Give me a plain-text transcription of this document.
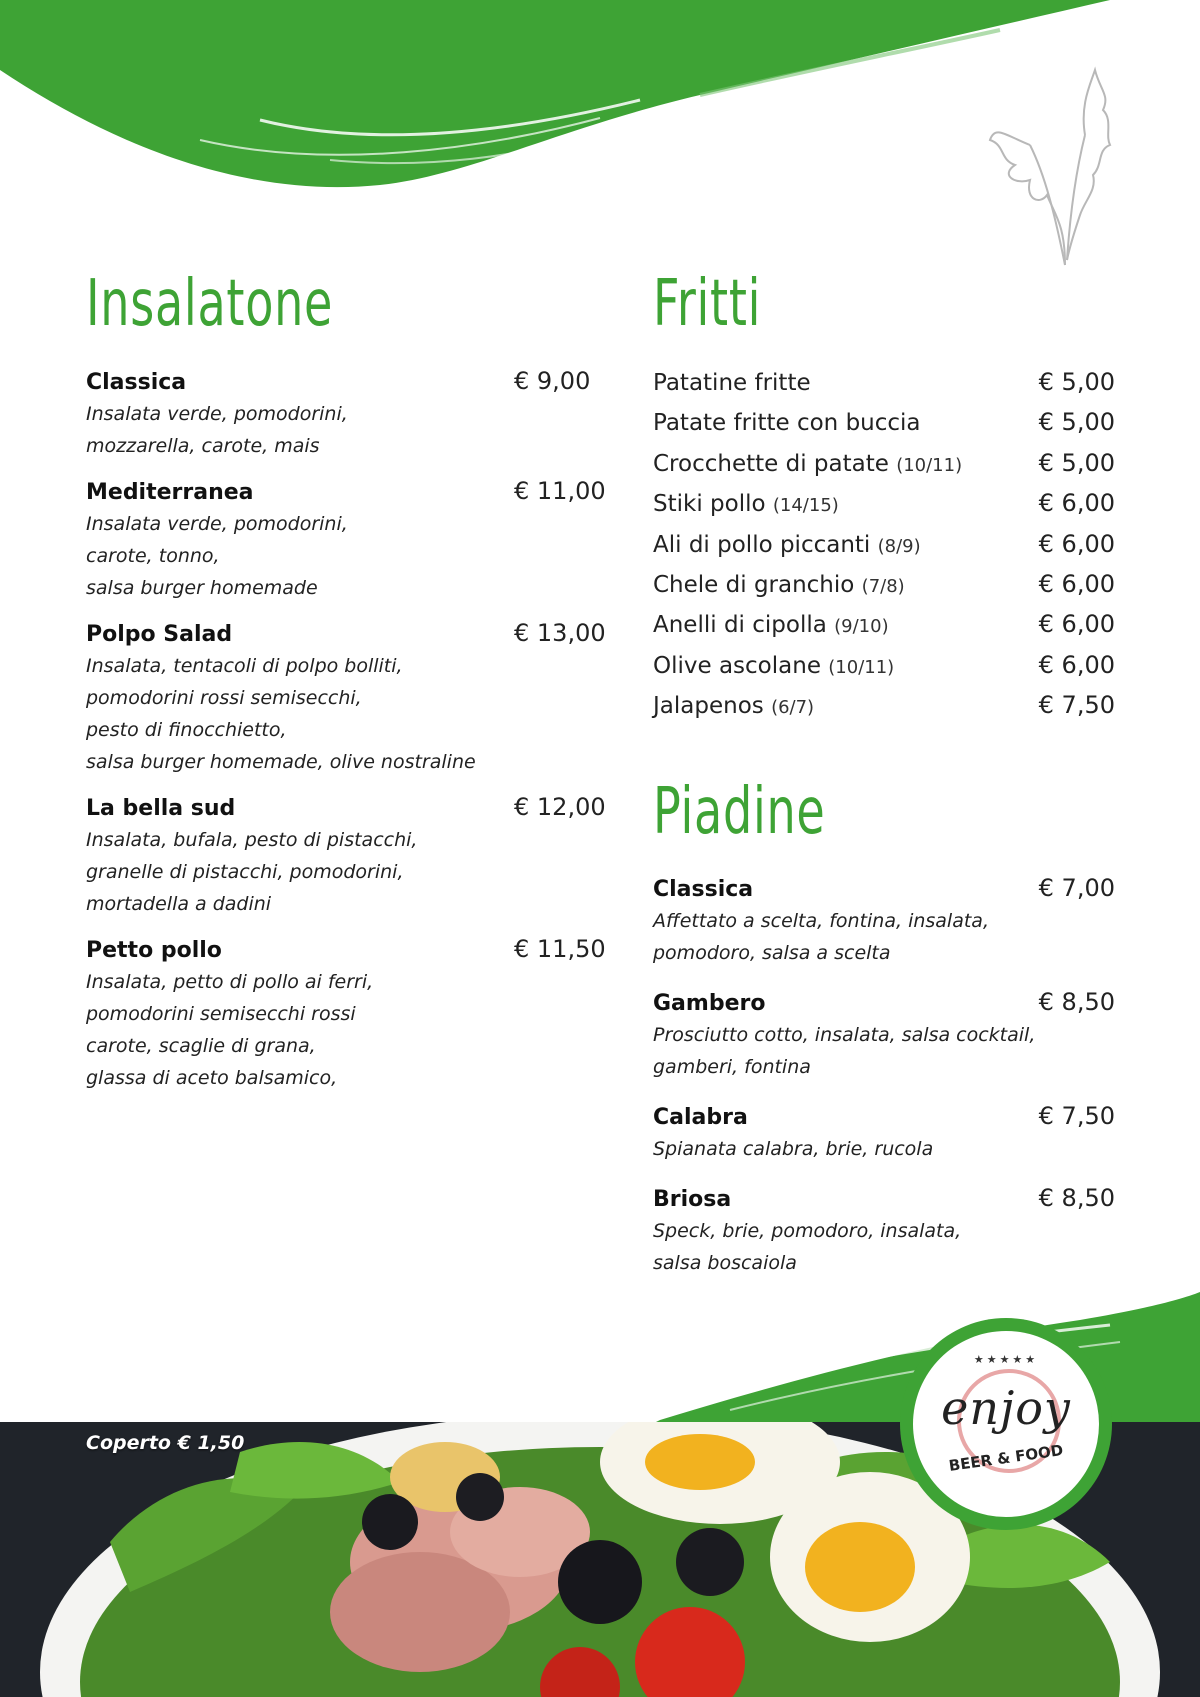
Insalatone
Classica	€ 9,00
Insalata verde, pomodorini,
mozzarella, carote, mais
Mediterranea	€ 11,00
Insalata verde, pomodorini,
carote, tonno,
salsa burger homemade
Polpo Salad	€ 13,00
Insalata, tentacoli di polpo bolliti,
pomodorini rossi semisecchi,
pesto di finocchietto,
salsa burger homemade, olive nostraline
La bella sud	€ 12,00
Insalata, bufala, pesto di pistacchi,
granelle di pistacchi, pomodorini,
mortadella a dadini
Petto pollo	€ 11,50
Insalata, petto di pollo ai ferri,
pomodorini semisecchi rossi
carote, scaglie di grana,
glassa di aceto balsamico,
Fritti
Patatine fritte	€ 5,00
Patate fritte con buccia	€ 5,00
Crocchette di patate (10/11)	€ 5,00
Stiki pollo (14/15)	€ 6,00
Ali di pollo piccanti (8/9)	€ 6,00
Chele di granchio (7/8)	€ 6,00
Anelli di cipolla (9/10)	€ 6,00
Olive ascolane (10/11)	€ 6,00
Jalapenos (6/7)	€ 7,50
Piadine
Classica	€ 7,00
Affettato a scelta, fontina, insalata,
pomodoro, salsa a scelta
Gambero	€ 8,50
Prosciutto cotto, insalata, salsa cocktail,
gamberi, fontina
Calabra	€ 7,50
Spianata calabra, brie, rucola
Briosa	€ 8,50
Speck, brie, pomodoro, insalata,
salsa boscaiola
Coperto € 1,50
★★★★★
enjoy
BEER & FOOD
